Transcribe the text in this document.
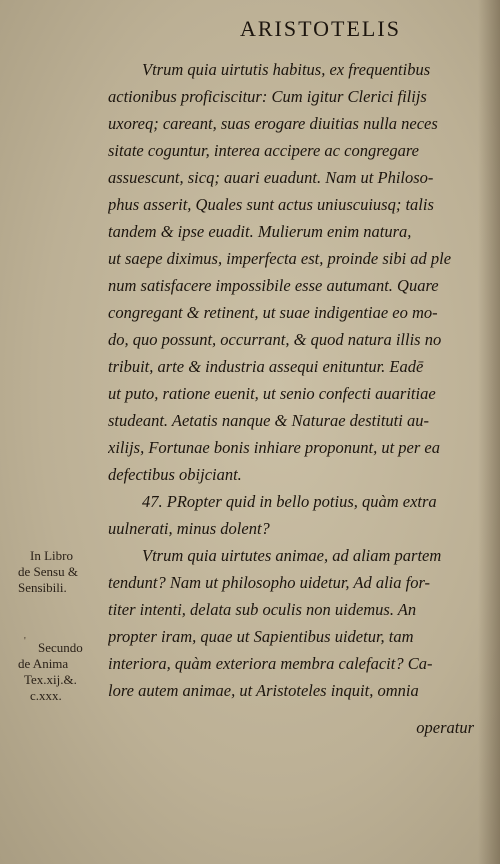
ARISTOTELIS
Vtrum quia uirtutis habitus, ex frequentibus
actionibus proficiscitur: Cum igitur Clerici filijs
uxoreq; careant, suas erogare diuitias nulla neces
sitate coguntur, interea accipere ac congregare
assuescunt, sicq; auari euadunt. Nam ut Philoso-
phus asserit, Quales sunt actus uniuscuiusq; talis
tandem & ipse euadit. Mulierum enim natura,
ut saepe diximus, imperfecta est, proinde sibi ad ple
num satisfacere impossibile esse autumant. Quare
congregant & retinent, ut suae indigentiae eo mo-
do, quo possunt, occurrant, & quod natura illis no
tribuit, arte & industria assequi enituntur. Eadē
ut puto, ratione euenit, ut senio confecti auaritiae
studeant. Aetatis nanque & Naturae destituti au-
xilijs, Fortunae bonis inhiare proponunt, ut per ea
defectibus obijciant.
47. PRopter quid in bello potius, quàm extra
uulnerati, minus dolent?
Vtrum quia uirtutes animae, ad aliam partem
tendunt? Nam ut philosopho uidetur, Ad alia for-
titer intenti, delata sub oculis non uidemus. An
propter iram, quae ut Sapientibus uidetur, tam
interiora, quàm exteriora membra calefacit? Ca-
lore autem animae, ut Aristoteles inquit, omnia
operatur
In Libro
de Sensu &
Sensibili.
Secundo
de Anima
Tex.xij.&.
c.xxx.
'
